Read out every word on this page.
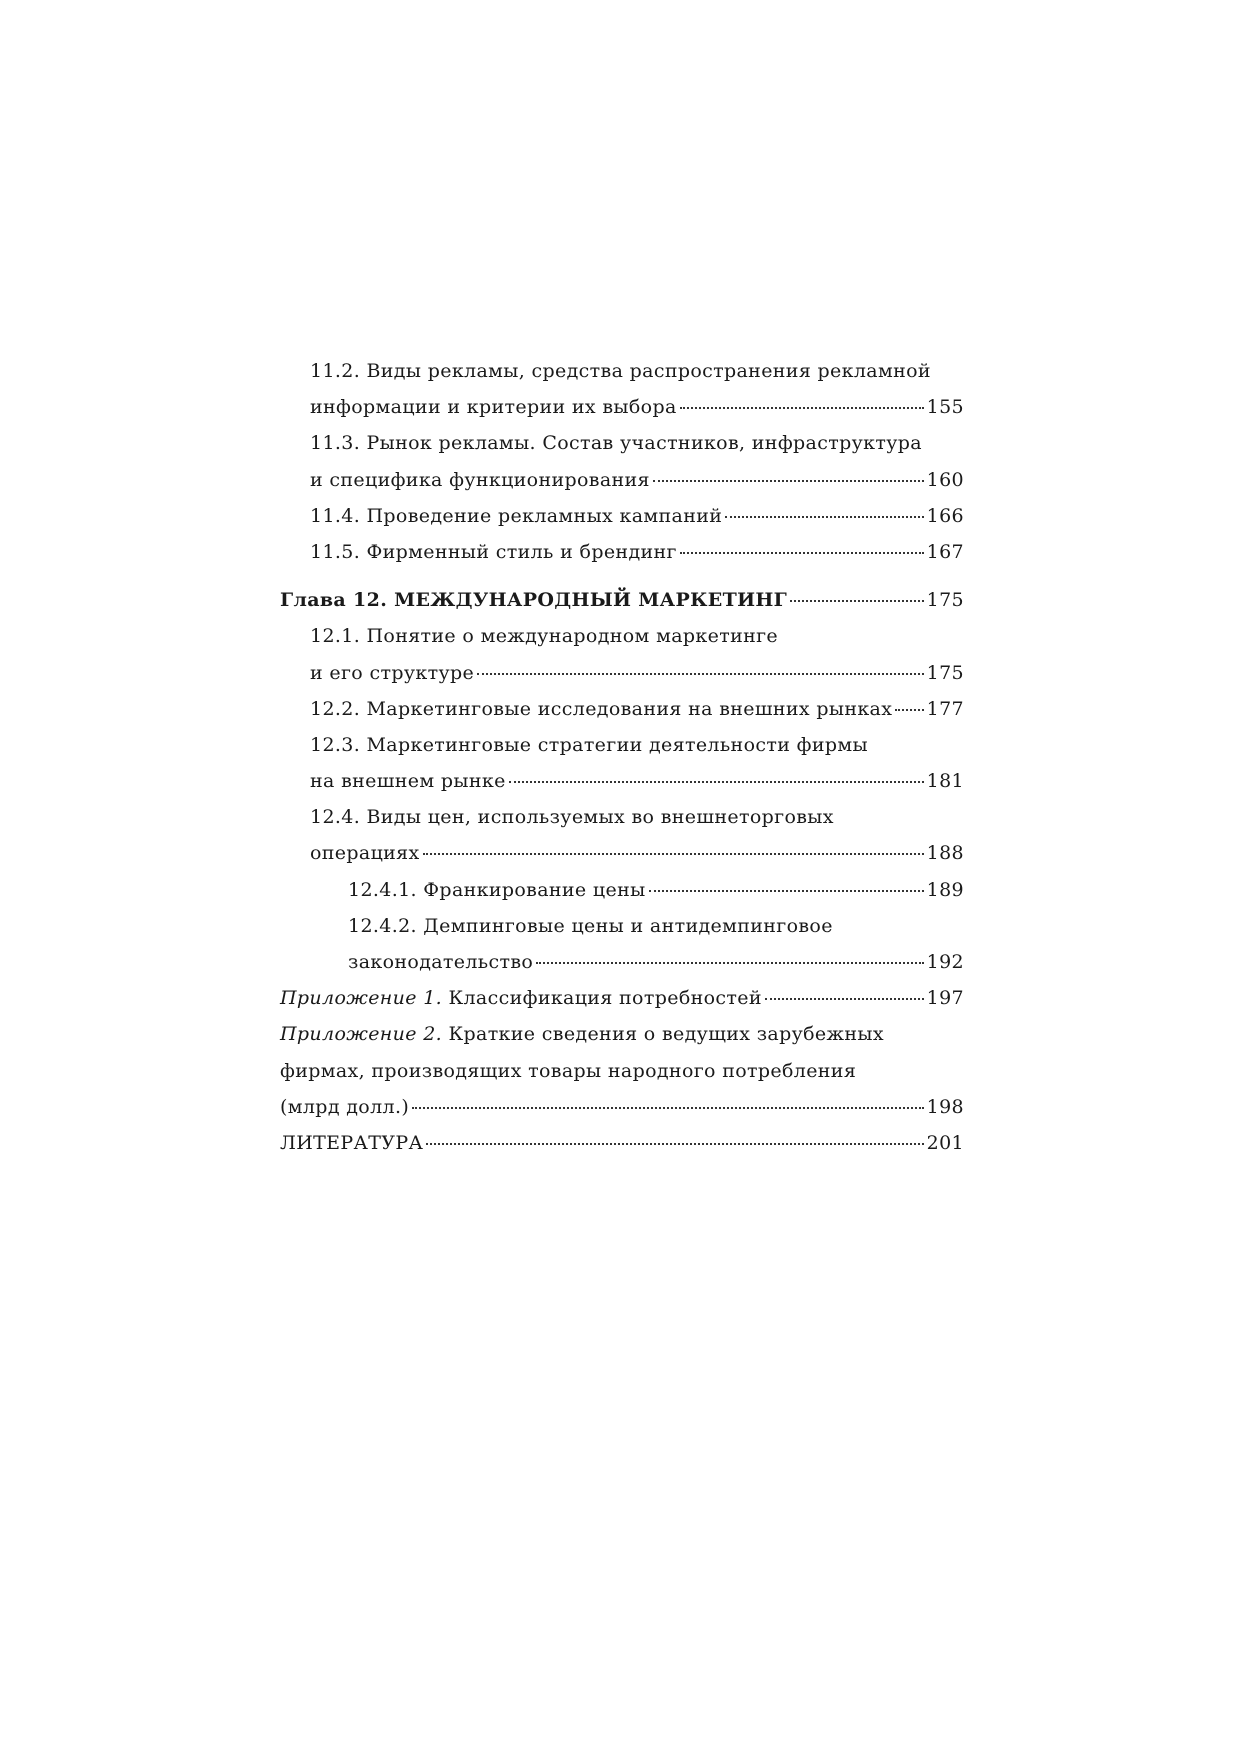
11.2. Виды рекламы, средства распространения рекламной
информации и критерии их выбора	155
11.3. Рынок рекламы. Состав участников, инфраструктура
и специфика функционирования	160
11.4. Проведение рекламных кампаний	166
11.5. Фирменный стиль и брендинг	167
Глава 12. МЕЖДУНАРОДНЫЙ МАРКЕТИНГ	175
12.1. Понятие о международном маркетинге
и его структуре	175
12.2. Маркетинговые исследования на внешних рынках 177
12.3. Маркетинговые стратегии деятельности фирмы
на внешнем рынке	181
12.4. Виды цен, используемых во внешнеторговых
операциях	188
12.4.1. Франкирование цены	189
12.4.2. Демпинговые цены и антидемпинговое
законодательство	192
Приложение 1. Классификация потребностей	197
Приложение 2. Краткие сведения о ведущих зарубежных
фирмах, производящих товары народного потребления
(млрд долл.)	198
ЛИТЕРАТУРА	201
